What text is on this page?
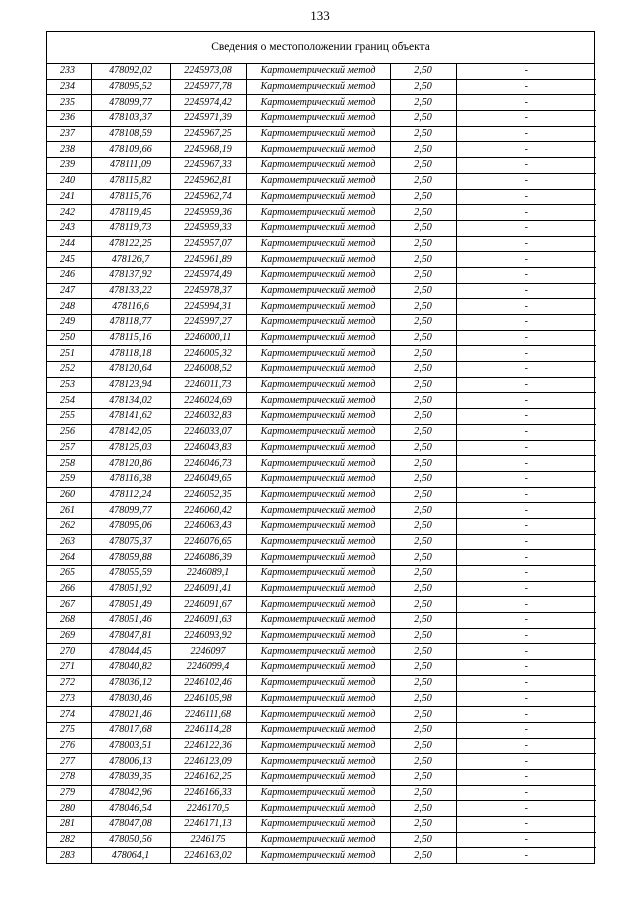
133
Сведения о местоположении границ объекта
233	478092,02	2245973,08	Картометрический метод	2,50	-
234	478095,52	2245977,78	Картометрический метод	2,50	-
235	478099,77	2245974,42	Картометрический метод	2,50	-
236	478103,37	2245971,39	Картометрический метод	2,50	-
237	478108,59	2245967,25	Картометрический метод	2,50	-
238	478109,66	2245968,19	Картометрический метод	2,50	-
239	478111,09	2245967,33	Картометрический метод	2,50	-
240	478115,82	2245962,81	Картометрический метод	2,50	-
241	478115,76	2245962,74	Картометрический метод	2,50	-
242	478119,45	2245959,36	Картометрический метод	2,50	-
243	478119,73	2245959,33	Картометрический метод	2,50	-
244	478122,25	2245957,07	Картометрический метод	2,50	-
245	478126,7	2245961,89	Картометрический метод	2,50	-
246	478137,92	2245974,49	Картометрический метод	2,50	-
247	478133,22	2245978,37	Картометрический метод	2,50	-
248	478116,6	2245994,31	Картометрический метод	2,50	-
249	478118,77	2245997,27	Картометрический метод	2,50	-
250	478115,16	2246000,11	Картометрический метод	2,50	-
251	478118,18	2246005,32	Картометрический метод	2,50	-
252	478120,64	2246008,52	Картометрический метод	2,50	-
253	478123,94	2246011,73	Картометрический метод	2,50	-
254	478134,02	2246024,69	Картометрический метод	2,50	-
255	478141,62	2246032,83	Картометрический метод	2,50	-
256	478142,05	2246033,07	Картометрический метод	2,50	-
257	478125,03	2246043,83	Картометрический метод	2,50	-
258	478120,86	2246046,73	Картометрический метод	2,50	-
259	478116,38	2246049,65	Картометрический метод	2,50	-
260	478112,24	2246052,35	Картометрический метод	2,50	-
261	478099,77	2246060,42	Картометрический метод	2,50	-
262	478095,06	2246063,43	Картометрический метод	2,50	-
263	478075,37	2246076,65	Картометрический метод	2,50	-
264	478059,88	2246086,39	Картометрический метод	2,50	-
265	478055,59	2246089,1	Картометрический метод	2,50	-
266	478051,92	2246091,41	Картометрический метод	2,50	-
267	478051,49	2246091,67	Картометрический метод	2,50	-
268	478051,46	2246091,63	Картометрический метод	2,50	-
269	478047,81	2246093,92	Картометрический метод	2,50	-
270	478044,45	2246097	Картометрический метод	2,50	-
271	478040,82	2246099,4	Картометрический метод	2,50	-
272	478036,12	2246102,46	Картометрический метод	2,50	-
273	478030,46	2246105,98	Картометрический метод	2,50	-
274	478021,46	2246111,68	Картометрический метод	2,50	-
275	478017,68	2246114,28	Картометрический метод	2,50	-
276	478003,51	2246122,36	Картометрический метод	2,50	-
277	478006,13	2246123,09	Картометрический метод	2,50	-
278	478039,35	2246162,25	Картометрический метод	2,50	-
279	478042,96	2246166,33	Картометрический метод	2,50	-
280	478046,54	2246170,5	Картометрический метод	2,50	-
281	478047,08	2246171,13	Картометрический метод	2,50	-
282	478050,56	2246175	Картометрический метод	2,50	-
283	478064,1	2246163,02	Картометрический метод	2,50	-
